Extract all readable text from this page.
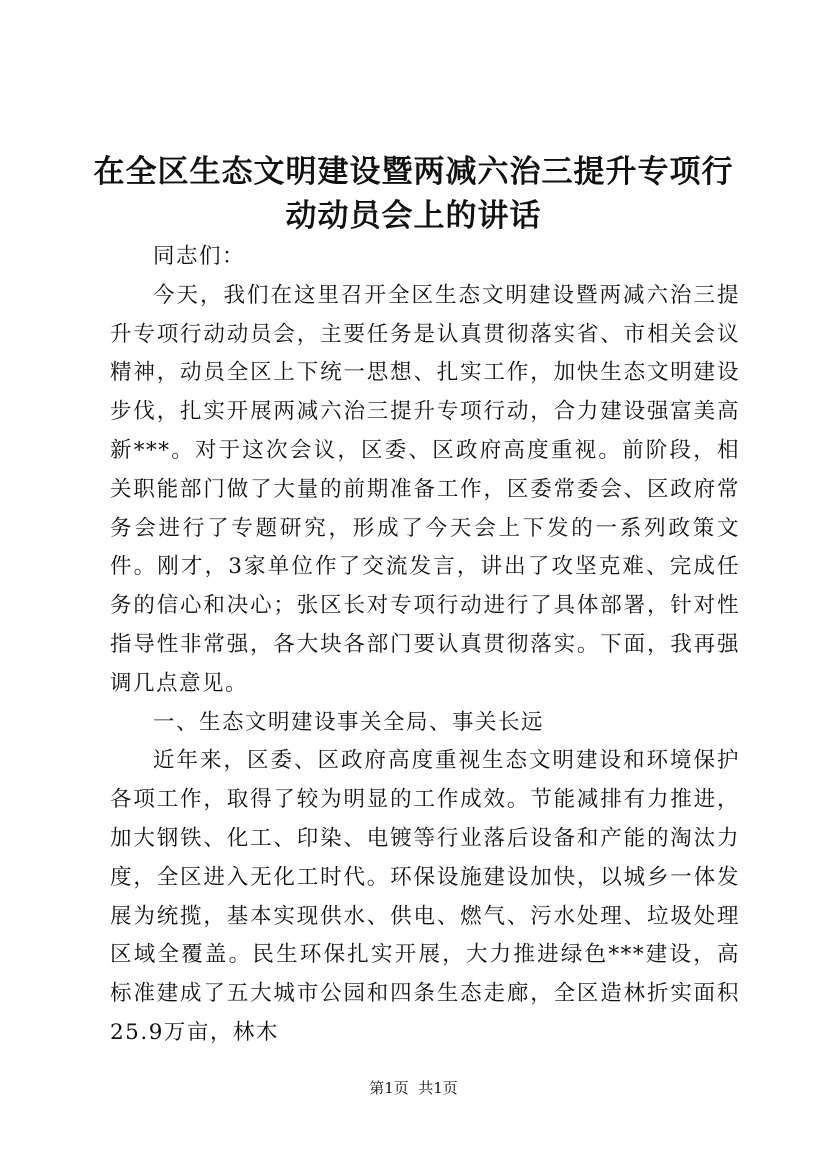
在全区生态文明建设暨两减六治三提升专项行
动动员会上的讲话

同志们：

今天，我们在这里召开全区生态文明建设暨两减六治三提升专项行动动员会，主要任务是认真贯彻落实省、市相关会议精神，动员全区上下统一思想、扎实工作，加快生态文明建设步伐，扎实开展两减六治三提升专项行动，合力建设强富美高新***。对于这次会议，区委、区政府高度重视。前阶段，相关职能部门做了大量的前期准备工作，区委常委会、区政府常务会进行了专题研究，形成了今天会上下发的一系列政策文件。刚才，3家单位作了交流发言，讲出了攻坚克难、完成任务的信心和决心；张区长对专项行动进行了具体部署，针对性指导性非常强，各大块各部门要认真贯彻落实。下面，我再强调几点意见。

一、生态文明建设事关全局、事关长远

近年来，区委、区政府高度重视生态文明建设和环境保护各项工作，取得了较为明显的工作成效。节能减排有力推进，加大钢铁、化工、印染、电镀等行业落后设备和产能的淘汰力度，全区进入无化工时代。环保设施建设加快，以城乡一体发展为统揽，基本实现供水、供电、燃气、污水处理、垃圾处理区域全覆盖。民生环保扎实开展，大力推进绿色***建设，高标准建成了五大城市公园和四条生态走廊，全区造林折实面积25.9万亩，林木

第1页  共1页
